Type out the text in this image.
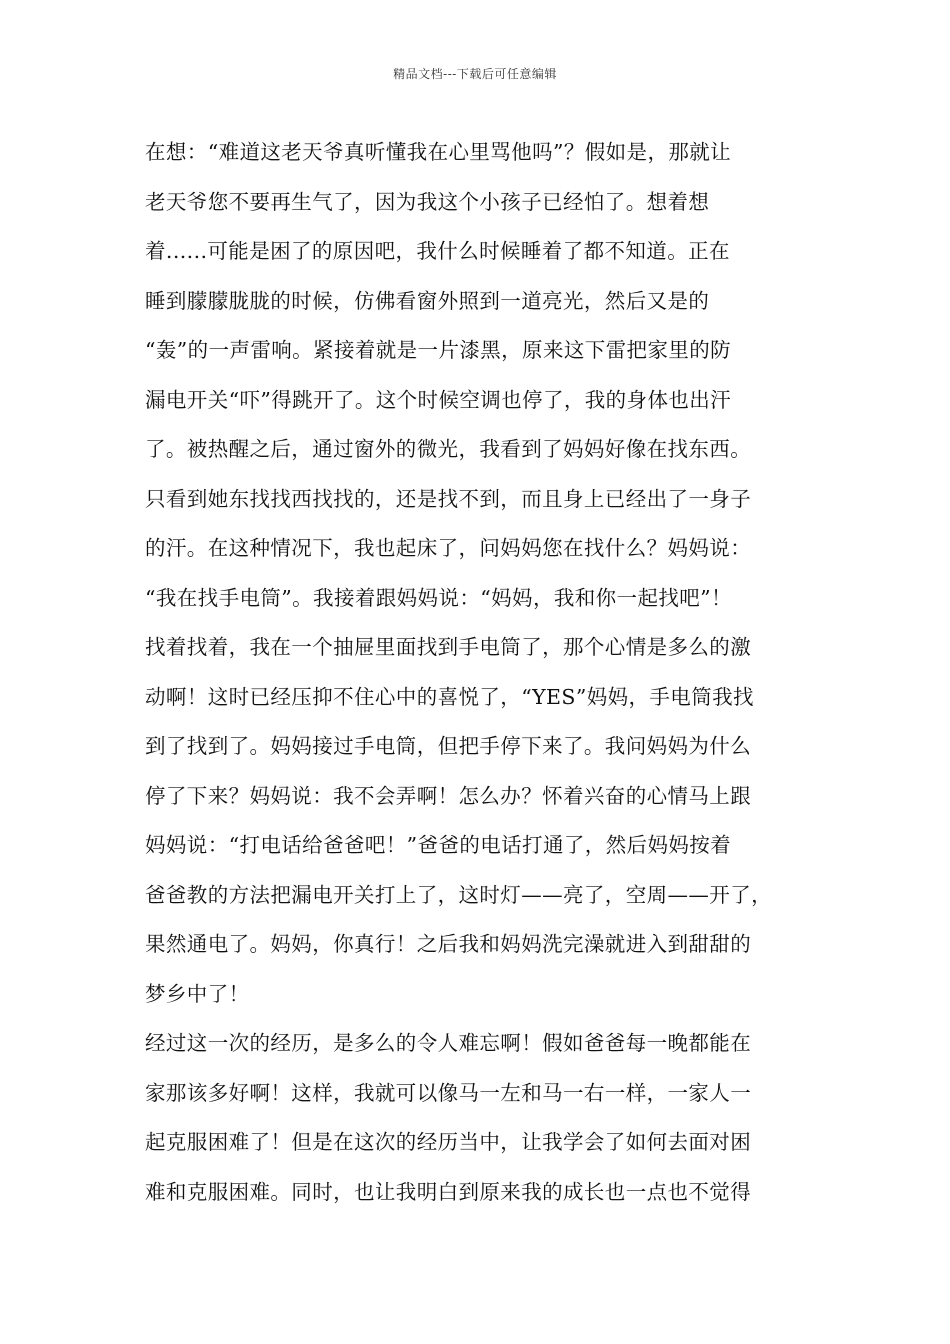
精品文档---下载后可任意编辑
在想：“难道这老天爷真听懂我在心里骂他吗”？假如是，那就让
老天爷您不要再生气了，因为我这个小孩子已经怕了。想着想
着......可能是困了的原因吧，我什么时候睡着了都不知道。正在
睡到朦朦胧胧的时候，仿佛看窗外照到一道亮光，然后又是的
“轰”的一声雷响。紧接着就是一片漆黑，原来这下雷把家里的防
漏电开关“吓”得跳开了。这个时候空调也停了，我的身体也出汗
了。被热醒之后，通过窗外的微光，我看到了妈妈好像在找东西。
只看到她东找找西找找的，还是找不到，而且身上已经出了一身子
的汗。在这种情况下，我也起床了，问妈妈您在找什么？妈妈说：
“我在找手电筒”。我接着跟妈妈说：“妈妈，我和你一起找吧”！
找着找着，我在一个抽屉里面找到手电筒了，那个心情是多么的激
动啊！这时已经压抑不住心中的喜悦了，“YES”妈妈，手电筒我找
到了找到了。妈妈接过手电筒，但把手停下来了。我问妈妈为什么
停了下来？妈妈说：我不会弄啊！怎么办？怀着兴奋的心情马上跟
妈妈说：“打电话给爸爸吧！”爸爸的电话打通了，然后妈妈按着
爸爸教的方法把漏电开关打上了，这时灯——亮了，空周——开了，
果然通电了。妈妈，你真行！之后我和妈妈洗完澡就进入到甜甜的
梦乡中了！
经过这一次的经历，是多么的令人难忘啊！假如爸爸每一晚都能在
家那该多好啊！这样，我就可以像马一左和马一右一样，一家人一
起克服困难了！但是在这次的经历当中，让我学会了如何去面对困
难和克服困难。同时，也让我明白到原来我的成长也一点也不觉得
